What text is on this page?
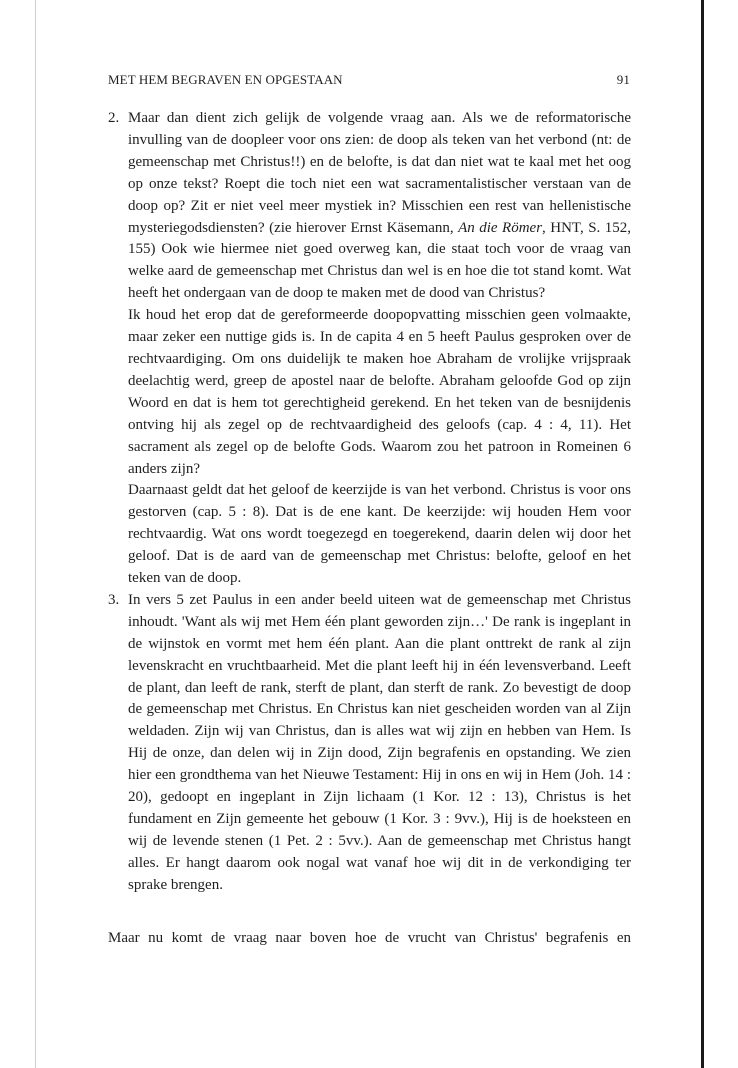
MET HEM BEGRAVEN EN OPGESTAAN	91
2. Maar dan dient zich gelijk de volgende vraag aan. Als we de reformatorische invulling van de doopleer voor ons zien: de doop als teken van het verbond (nt: de gemeenschap met Christus!!) en de belofte, is dat dan niet wat te kaal met het oog op onze tekst? Roept die toch niet een wat sacramentalistischer verstaan van de doop op? Zit er niet veel meer mystiek in? Misschien een rest van hellenistische mysteriegodsdiensten? (zie hierover Ernst Käsemann, An die Römer, HNT, S. 152, 155) Ook wie hiermee niet goed overweg kan, die staat toch voor de vraag van welke aard de gemeenschap met Christus dan wel is en hoe die tot stand komt. Wat heeft het ondergaan van de doop te maken met de dood van Christus?

Ik houd het erop dat de gereformeerde doopopvatting misschien geen volmaakte, maar zeker een nuttige gids is. In de capita 4 en 5 heeft Paulus gesproken over de rechtvaardiging. Om ons duidelijk te maken hoe Abraham de vrolijke vrijspraak deelachtig werd, greep de apostel naar de belofte. Abraham geloofde God op zijn Woord en dat is hem tot gerechtigheid gerekend. En het teken van de besnijdenis ontving hij als zegel op de rechtvaardigheid des geloofs (cap. 4 : 4, 11). Het sacrament als zegel op de belofte Gods. Waarom zou het patroon in Romeinen 6 anders zijn?

Daarnaast geldt dat het geloof de keerzijde is van het verbond. Christus is voor ons gestorven (cap. 5 : 8). Dat is de ene kant. De keerzijde: wij houden Hem voor rechtvaardig. Wat ons wordt toegezegd en toegerekend, daarin delen wij door het geloof. Dat is de aard van de gemeenschap met Christus: belofte, geloof en het teken van de doop.

3. In vers 5 zet Paulus in een ander beeld uiteen wat de gemeenschap met Christus inhoudt. 'Want als wij met Hem één plant geworden zijn…' De rank is ingeplant in de wijnstok en vormt met hem één plant. Aan die plant onttrekt de rank al zijn levenskracht en vruchtbaarheid. Met die plant leeft hij in één levensverband. Leeft de plant, dan leeft de rank, sterft de plant, dan sterft de rank. Zo bevestigt de doop de gemeenschap met Christus. En Christus kan niet gescheiden worden van al Zijn weldaden. Zijn wij van Christus, dan is alles wat wij zijn en hebben van Hem. Is Hij de onze, dan delen wij in Zijn dood, Zijn begrafenis en opstanding. We zien hier een grondthema van het Nieuwe Testament: Hij in ons en wij in Hem (Joh. 14 : 20), gedoopt en ingeplant in Zijn lichaam (1 Kor. 12 : 13), Christus is het fundament en Zijn gemeente het gebouw (1 Kor. 3 : 9vv.), Hij is de hoeksteen en wij de levende stenen (1 Pet. 2 : 5vv.). Aan de gemeenschap met Christus hangt alles. Er hangt daarom ook nogal wat vanaf hoe wij dit in de verkondiging ter sprake brengen.

Maar nu komt de vraag naar boven hoe de vrucht van Christus' begrafenis en
